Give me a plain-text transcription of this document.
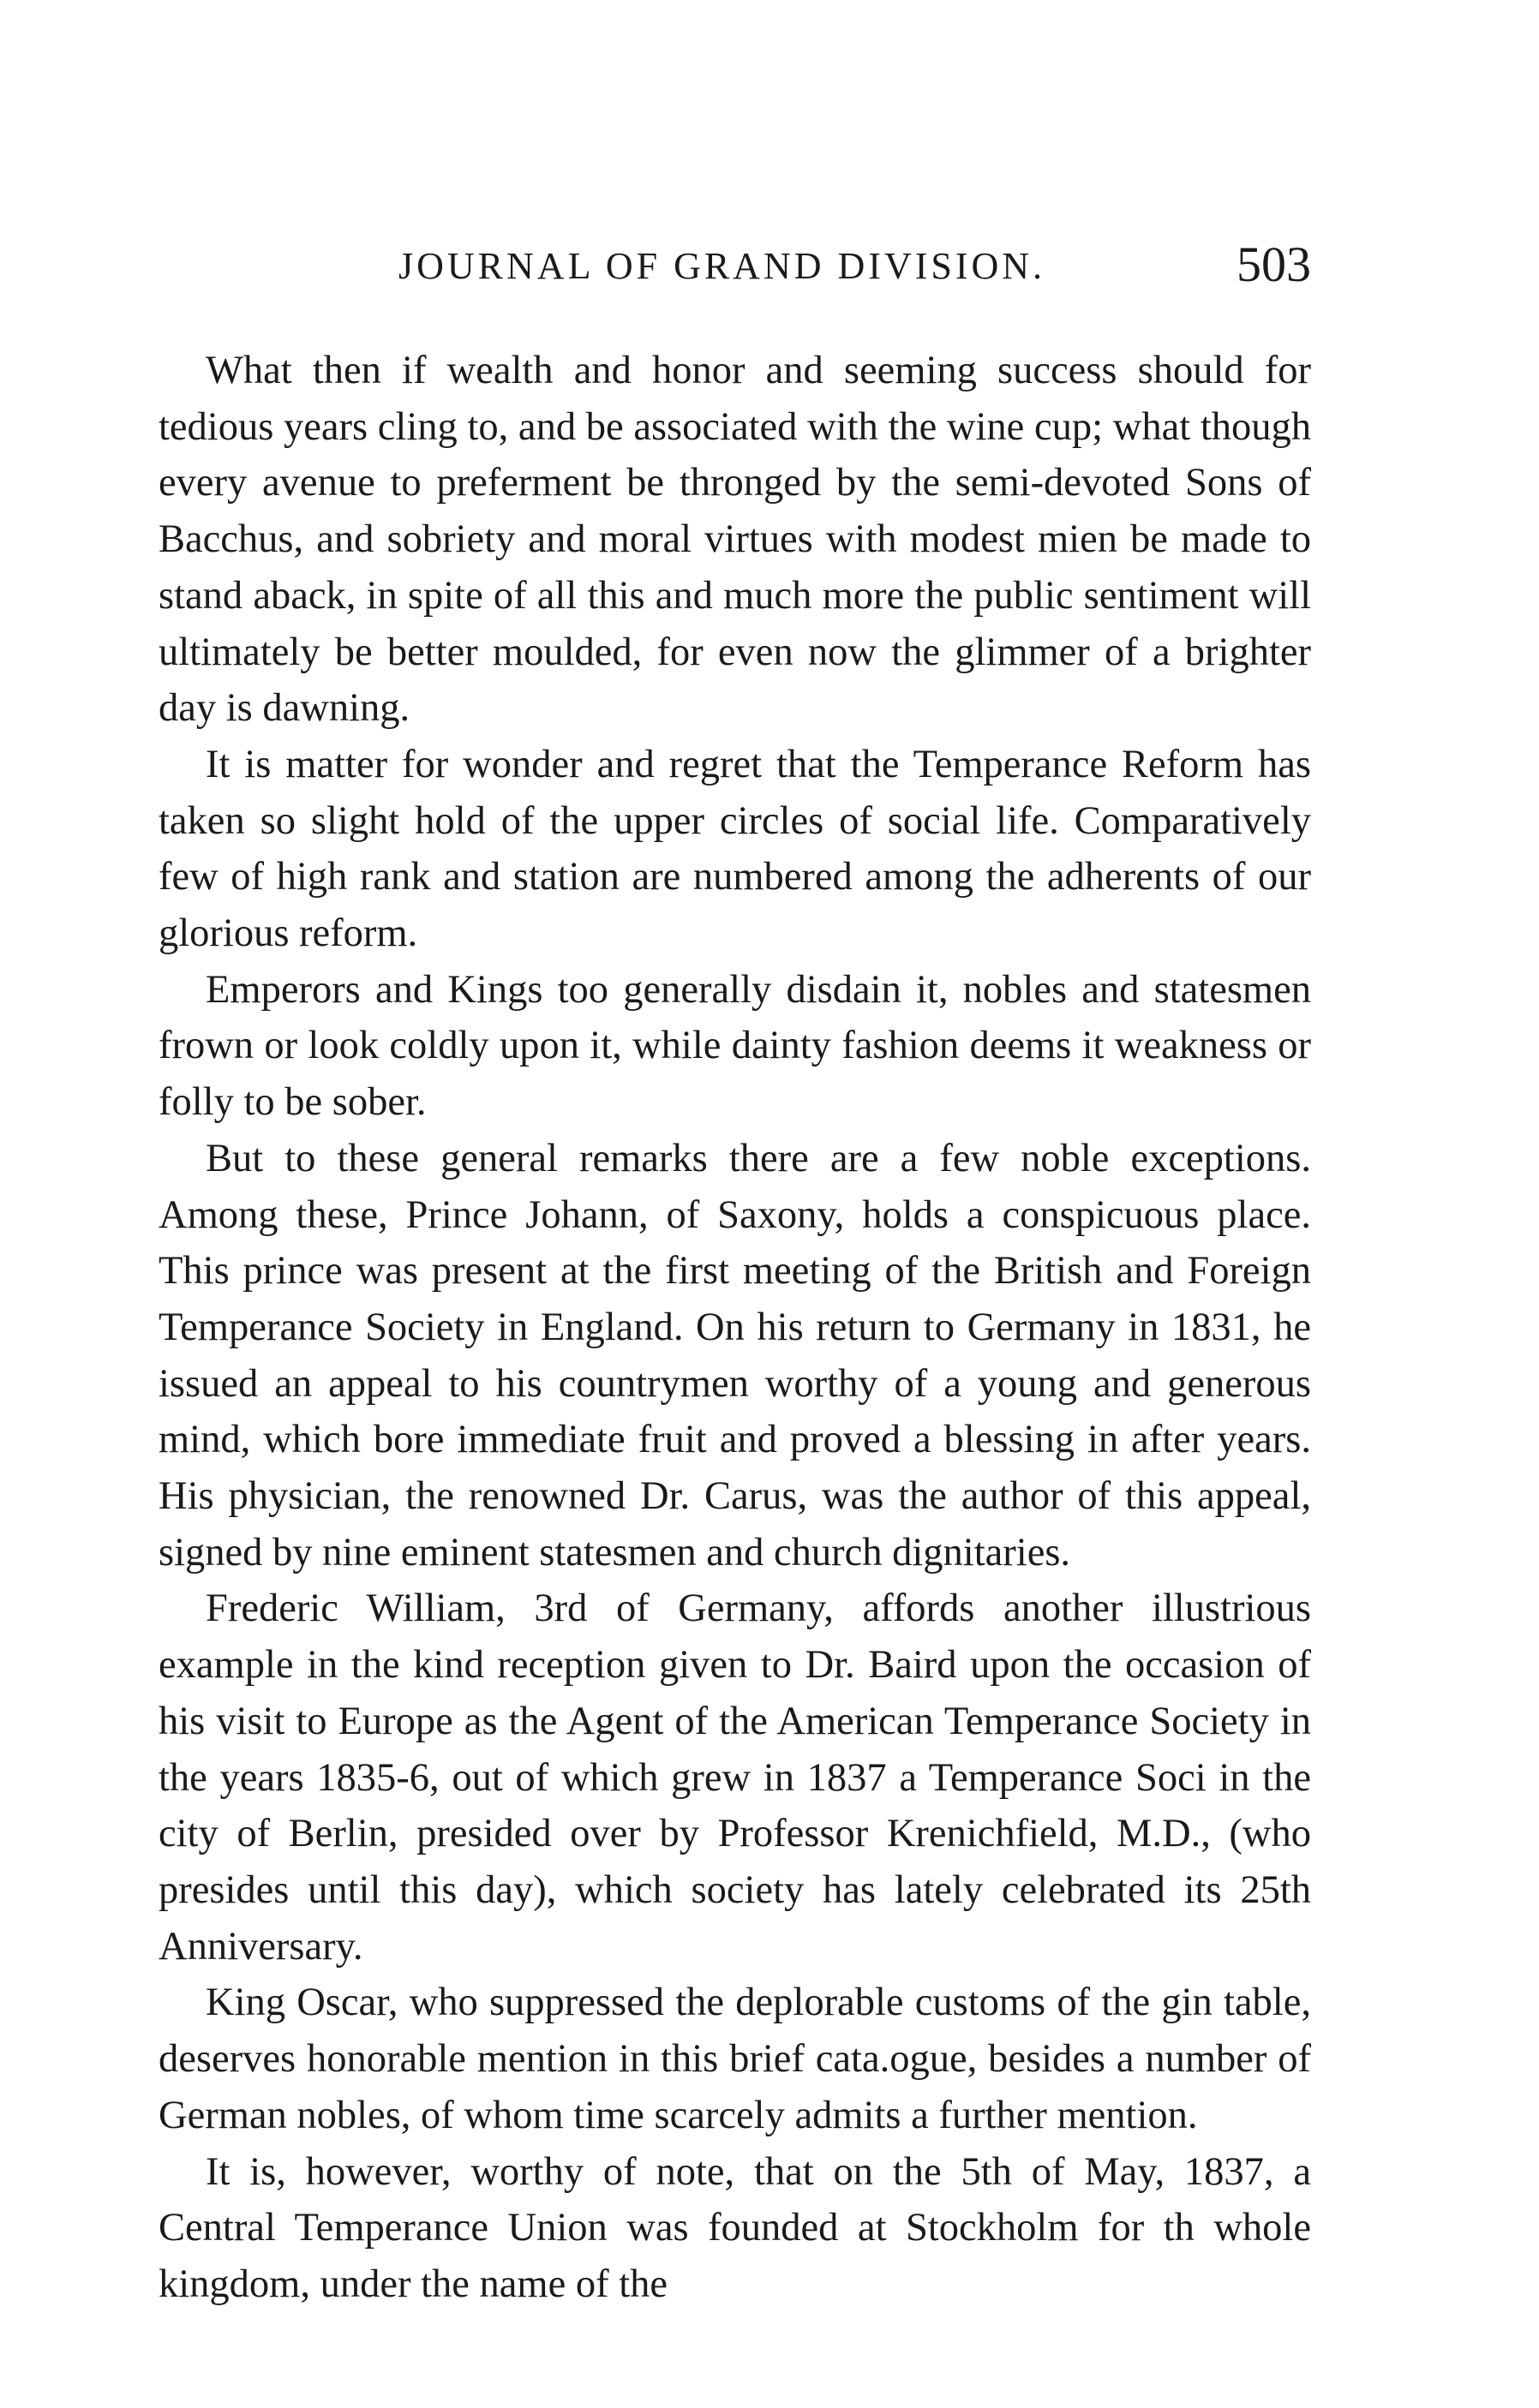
JOURNAL OF GRAND DIVISION.	503

What then if wealth and honor and seeming success should for tedious years cling to, and be associated with the wine cup; what though every avenue to preferment be thronged by the semi-devoted Sons of Bacchus, and sobriety and moral virtues with modest mien be made to stand aback, in spite of all this and much more the public sentiment will ultimately be better moulded, for even now the glimmer of a brighter day is dawning.

It is matter for wonder and regret that the Temperance Reform has taken so slight hold of the upper circles of social life. Comparatively few of high rank and station are numbered among the adherents of our glorious reform.

Emperors and Kings too generally disdain it, nobles and statesmen frown or look coldly upon it, while dainty fashion deems it weakness or folly to be sober.

But to these general remarks there are a few noble exceptions. Among these, Prince Johann, of Saxony, holds a conspicuous place. This prince was present at the first meeting of the British and Foreign Temperance Society in England. On his return to Germany in 1831, he issued an appeal to his countrymen worthy of a young and generous mind, which bore immediate fruit and proved a blessing in after years. His physician, the renowned Dr. Carus, was the author of this appeal, signed by nine eminent statesmen and church dignitaries.

Frederic William, 3rd of Germany, affords another illustrious example in the kind reception given to Dr. Baird upon the occasion of his visit to Europe as the Agent of the American Temperance Society in the years 1835-6, out of which grew in 1837 a Temperance Soci in the city of Berlin, presided over by Professor Krenichfield, M.D., (who presides until this day), which society has lately celebrated its 25th Anniversary.

King Oscar, who suppressed the deplorable customs of the gin table, deserves honorable mention in this brief cata.ogue, besides a number of German nobles, of whom time scarcely admits a further mention.

It is, however, worthy of note, that on the 5th of May, 1837, a Central Temperance Union was founded at Stockholm for th whole kingdom, under the name of the
